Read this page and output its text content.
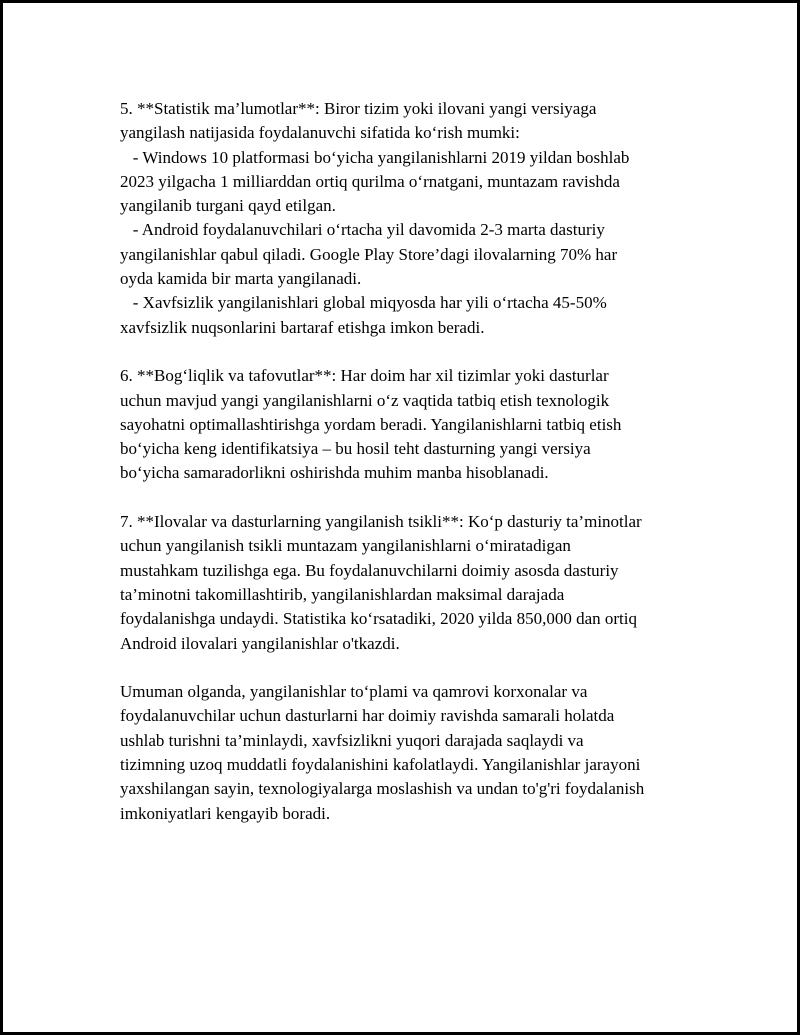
5. **Statistik ma’lumotlar**: Biror tizim yoki ilovani yangi versiyaga
yangilash natijasida foydalanuvchi sifatida ko‘rish mumki:
- Windows 10 platformasi bo‘yicha yangilanishlarni 2019 yildan boshlab
2023 yilgacha 1 milliarddan ortiq qurilma o‘rnatgani, muntazam ravishda
yangilanib turgani qayd etilgan.
- Android foydalanuvchilari o‘rtacha yil davomida 2-3 marta dasturiy
yangilanishlar qabul qiladi. Google Play Store’dagi ilovalarning 70% har
oyda kamida bir marta yangilanadi.
- Xavfsizlik yangilanishlari global miqyosda har yili o‘rtacha 45-50%
xavfsizlik nuqsonlarini bartaraf etishga imkon beradi.

6. **Bog‘liqlik va tafovutlar**: Har doim har xil tizimlar yoki dasturlar
uchun mavjud yangi yangilanishlarni o‘z vaqtida tatbiq etish texnologik
sayohatni optimallashtirishga yordam beradi. Yangilanishlarni tatbiq etish
bo‘yicha keng identifikatsiya – bu hosil teht dasturning yangi versiya
bo‘yicha samaradorlikni oshirishda muhim manba hisoblanadi.

7. **Ilovalar va dasturlarning yangilanish tsikli**: Ko‘p dasturiy ta’minotlar
uchun yangilanish tsikli muntazam yangilanishlarni o‘miratadigan
mustahkam tuzilishga ega. Bu foydalanuvchilarni doimiy asosda dasturiy
ta’minotni takomillashtirib, yangilanishlardan maksimal darajada
foydalanishga undaydi. Statistika ko‘rsatadiki, 2020 yilda 850,000 dan ortiq
Android ilovalari yangilanishlar o'tkazdi.

Umuman olganda, yangilanishlar to‘plami va qamrovi korxonalar va
foydalanuvchilar uchun dasturlarni har doimiy ravishda samarali holatda
ushlab turishni ta’minlaydi, xavfsizlikni yuqori darajada saqlaydi va
tizimning uzoq muddatli foydalanishini kafolatlaydi. Yangilanishlar jarayoni
yaxshilangan sayin, texnologiyalarga moslashish va undan to'g'ri foydalanish
imkoniyatlari kengayib boradi.
